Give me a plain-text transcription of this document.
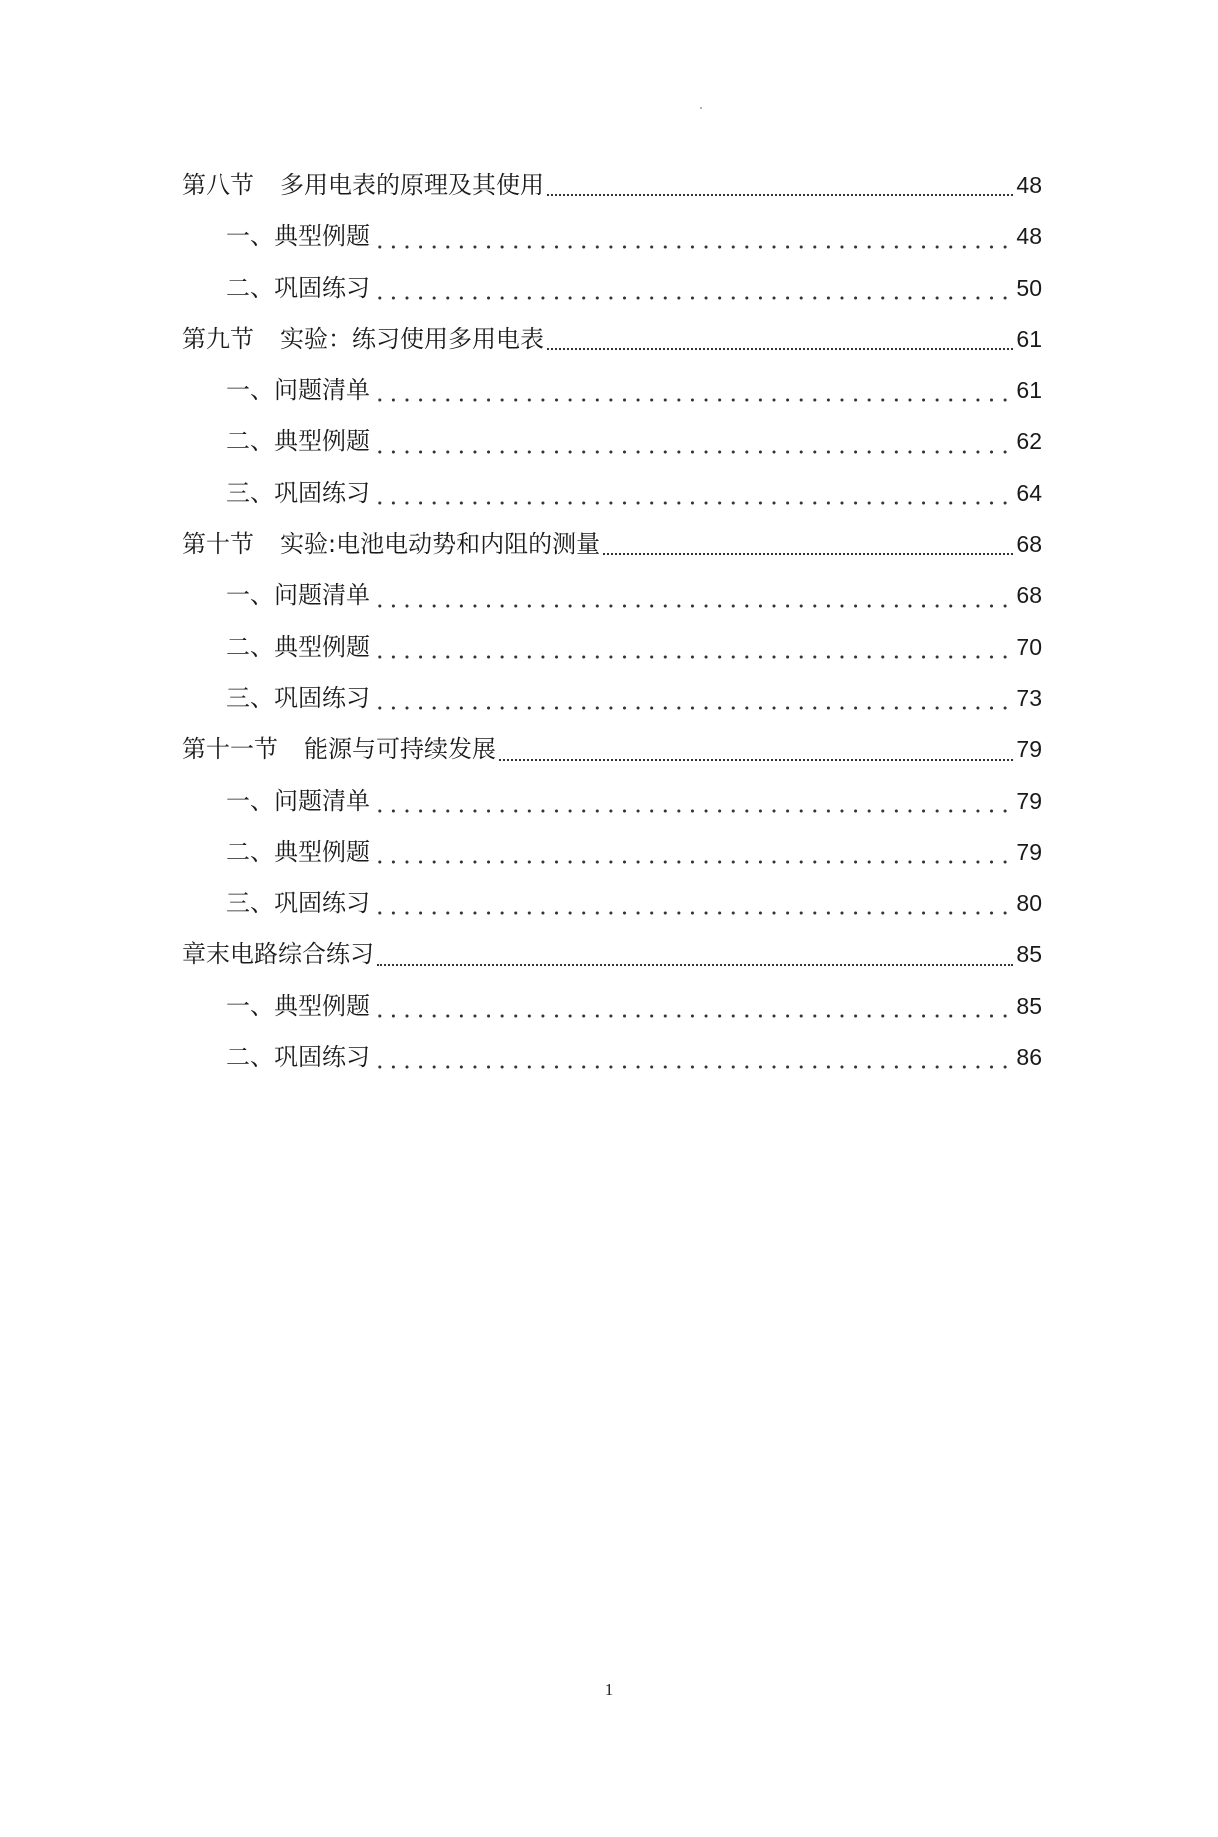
第八节 多用电表的原理及其使用	48
一、典型例题	48
二、巩固练习	50
第九节 实验：练习使用多用电表	61
一、问题清单	61
二、典型例题	62
三、巩固练习	64
第十节 实验:电池电动势和内阻的测量	68
一、问题清单	68
二、典型例题	70
三、巩固练习	73
第十一节 能源与可持续发展	79
一、问题清单	79
二、典型例题	79
三、巩固练习	80
章末电路综合练习	85
一、典型例题	85
二、巩固练习	86
1
